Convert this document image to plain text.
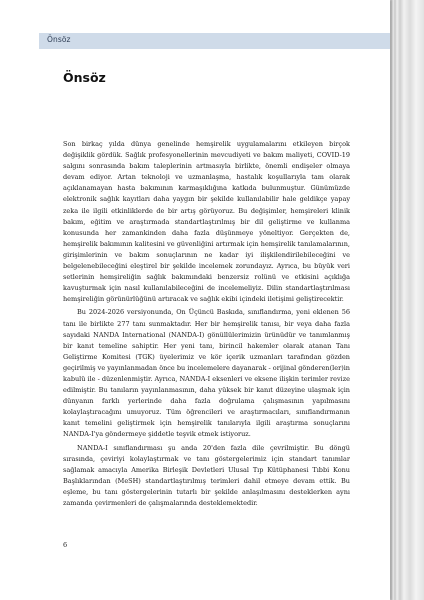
Önsöz
Önsöz

Son birkaç yılda dünya genelinde hemşirelik uygulamalarını etkileyen birçok değişiklik gördük. Sağlık profesyonellerinin mevcudiyeti ve bakım maliyeti, COVID-19 salgını sonrasında bakım taleplerinin artmasıyla birlikte, önemli endişeler olmaya devam ediyor. Artan teknoloji ve uzmanlaşma, hastalık koşullarıyla tam olarak açıklanamayan hasta bakımının karmaşıklığına katkıda bulunmuştur. Günümüzde elektronik sağlık kayıtları daha yaygın bir şekilde kullanılabilir hale geldikçe yapay zeka ile ilgili etkinliklerde de bir artış görüyoruz. Bu değişimler, hemşireleri klinik bakım, eğitim ve araştırmada standartlaştırılmış bir dil geliştirme ve kullanma konusunda her zamankinden daha fazla düşünmeye yöneltiyor. Gerçekten de, hemşirelik bakımının kalitesini ve güvenliğini artırmak için hemşirelik tanılamalarının, girişimlerinin ve bakım sonuçlarının ne kadar iyi ilişkilendirilebileceğini ve belgelenebileceğini eleştirel bir şekilde incelemek zorundayız. Ayrıca, bu büyük veri setlerinin hemşireliğin sağlık bakımındaki benzersiz rolünü ve etkisini açıklığa kavuşturmak için nasıl kullanılabileceğini de incelemeliyiz. Dilin standartlaştırılması hemşireliğin görünürlüğünü artıracak ve sağlık ekibi içindeki iletişimi geliştirecektir.

Bu 2024-2026 versiyonunda, On Üçüncü Baskıda, sınıflandırma, yeni eklenen 56 tanı ile birlikte 277 tanı sunmaktadır. Her bir hemşirelik tanısı, bir veya daha fazla sayıdaki NANDA International (NANDA-I) gönüllülerimizin ürünüdür ve tanımlanmış bir kanıt temeline sahiptir. Her yeni tanı, birincil hakemler olarak atanan Tanı Geliştirme Komitesi (TGK) üyelerimiz ve kör içerik uzmanları tarafından gözden geçirilmiş ve yayınlanmadan önce bu incelemelere dayanarak - orijinal gönderen(ler)in kabulü ile - düzenlenmiştir. Ayrıca, NANDA-I eksenleri ve eksene ilişkin terimler revize edilmiştir. Bu tanıların yayınlanmasının, daha yüksek bir kanıt düzeyine ulaşmak için dünyanın farklı yerlerinde daha fazla doğrulama çalışmasının yapılmasını kolaylaştıracağını umuyoruz. Tüm öğrencileri ve araştırmacıları, sınıflandırmanın kanıt temelini geliştirmek için hemşirelik tanılarıyla ilgili araştırma sonuçlarını NANDA-I'ya göndermeye şiddetle teşvik etmek istiyoruz.

NANDA-I sınıflandırması şu anda 20'den fazla dile çevrilmiştir. Bu döngü sırasında, çeviriyi kolaylaştırmak ve tanı göstergelerimiz için standart tanımlar sağlamak amacıyla Amerika Birleşik Devletleri Ulusal Tıp Kütüphanesi Tıbbi Konu Başlıklarından (MeSH) standartlaştırılmış terimleri dahil etmeye devam ettik. Bu eşleme, bu tanı göstergelerinin tutarlı bir şekilde anlaşılmasını desteklerken aynı zamanda çevirmenleri de çalışmalarında desteklemektedir.

6
